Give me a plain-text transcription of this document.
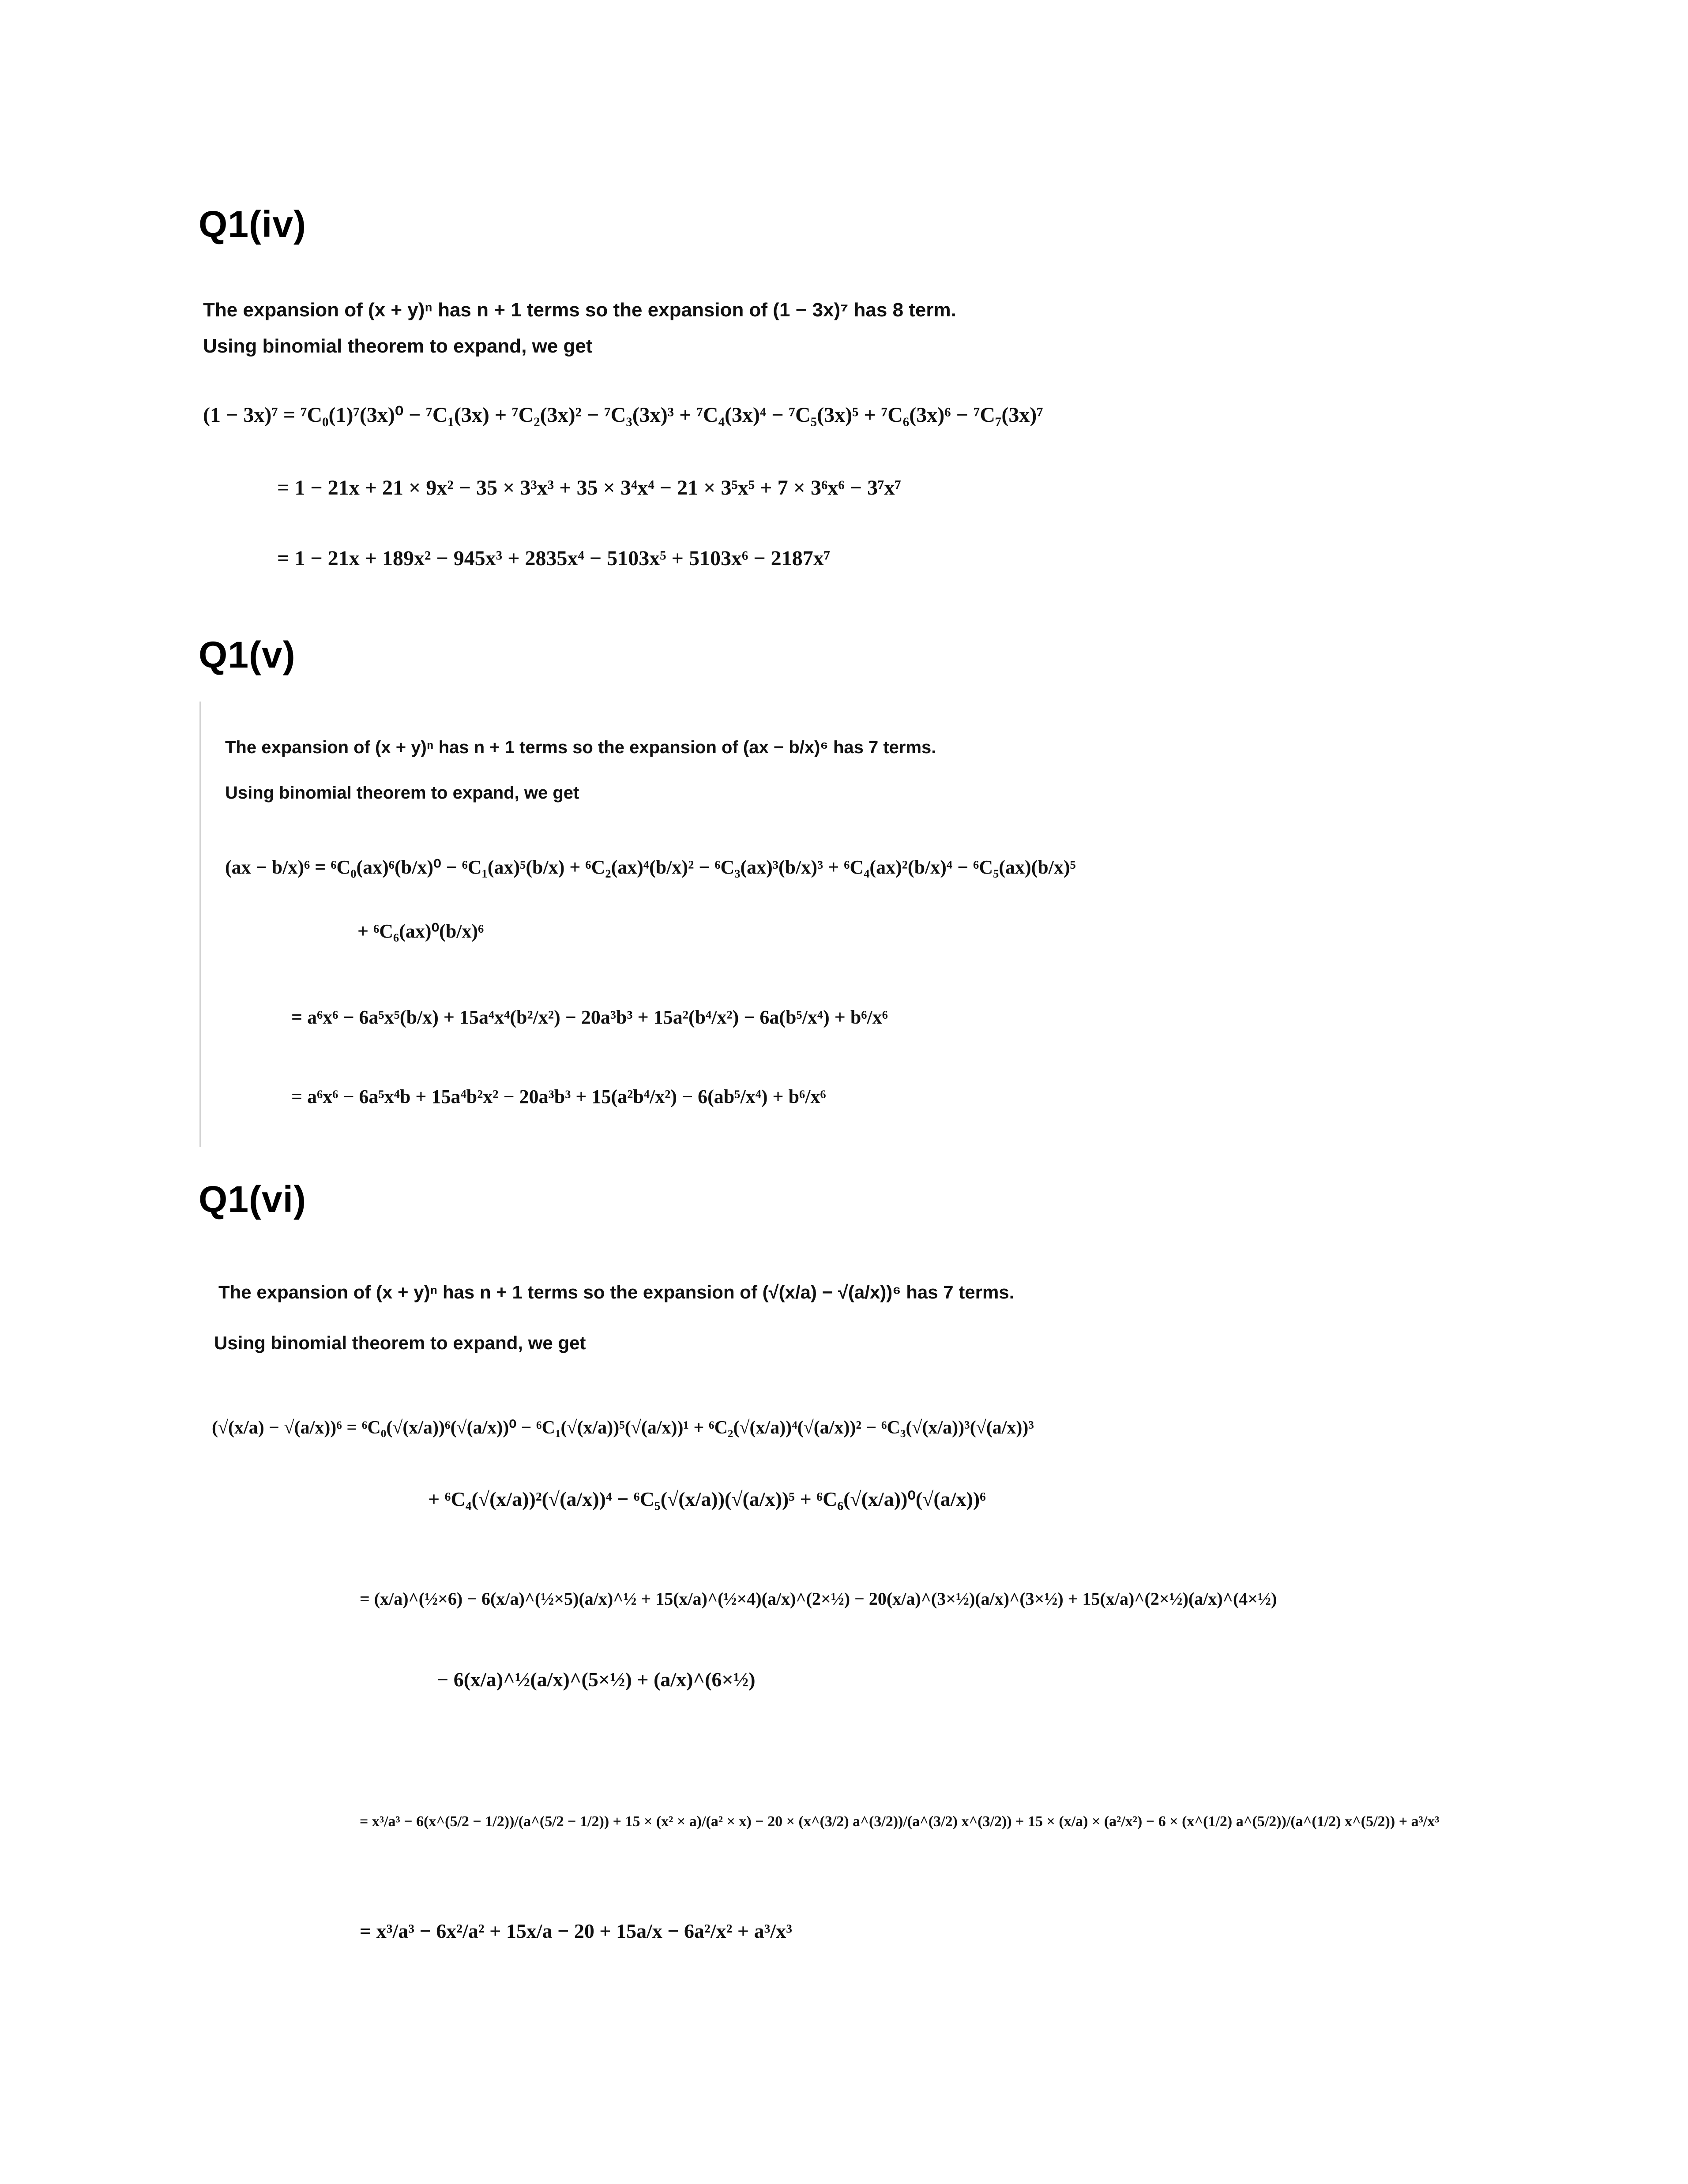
Q1(iv)
The expansion of (x + y)ⁿ has n + 1 terms so the expansion of (1 − 3x)⁷ has 8 term.
Using binomial theorem to expand, we get
(1 − 3x)⁷ = ⁷C₀(1)⁷(3x)⁰ − ⁷C₁(3x) + ⁷C₂(3x)² − ⁷C₃(3x)³ + ⁷C₄(3x)⁴ − ⁷C₅(3x)⁵ + ⁷C₆(3x)⁶ − ⁷C₇(3x)⁷
= 1 − 21x + 21 × 9x² − 35 × 3³x³ + 35 × 3⁴x⁴ − 21 × 3⁵x⁵ + 7 × 3⁶x⁶ − 3⁷x⁷
= 1 − 21x + 189x² − 945x³ + 2835x⁴ − 5103x⁵ + 5103x⁶ − 2187x⁷
Q1(v)
The expansion of (x + y)ⁿ has n + 1 terms so the expansion of (ax − b/x)⁶ has 7 terms.
Using binomial theorem to expand, we get
(ax − b/x)⁶ = ⁶C₀(ax)⁶(b/x)⁰ − ⁶C₁(ax)⁵(b/x) + ⁶C₂(ax)⁴(b/x)² − ⁶C₃(ax)³(b/x)³ + ⁶C₄(ax)²(b/x)⁴ − ⁶C₅(ax)(b/x)⁵
+ ⁶C₆(ax)⁰(b/x)⁶
= a⁶x⁶ − 6a⁵x⁵(b/x) + 15a⁴x⁴(b²/x²) − 20a³b³ + 15a²(b⁴/x²) − 6a(b⁵/x⁴) + b⁶/x⁶
= a⁶x⁶ − 6a⁵x⁴b + 15a⁴b²x² − 20a³b³ + 15(a²b⁴/x²) − 6(ab⁵/x⁴) + b⁶/x⁶
Q1(vi)
The expansion of (x + y)ⁿ has n + 1 terms so the expansion of (√(x/a) − √(a/x))⁶ has 7 terms.
Using binomial theorem to expand, we get
(√(x/a) − √(a/x))⁶ = ⁶C₀(√(x/a))⁶(√(a/x))⁰ − ⁶C₁(√(x/a))⁵(√(a/x))¹ + ⁶C₂(√(x/a))⁴(√(a/x))² − ⁶C₃(√(x/a))³(√(a/x))³
+ ⁶C₄(√(x/a))²(√(a/x))⁴ − ⁶C₅(√(x/a))(√(a/x))⁵ + ⁶C₆(√(x/a))⁰(√(a/x))⁶
= (x/a)^(½×6) − 6(x/a)^(½×5)(a/x)^½ + 15(x/a)^(½×4)(a/x)^(2×½) − 20(x/a)^(3×½)(a/x)^(3×½) + 15(x/a)^(2×½)(a/x)^(4×½)
− 6(x/a)^½(a/x)^(5×½) + (a/x)^(6×½)
= x³/a³ − 6(x^(5/2 − 1/2))/(a^(5/2 − 1/2)) + 15 × (x² × a)/(a² × x) − 20 × (x^(3/2) a^(3/2))/(a^(3/2) x^(3/2)) + 15 × (x/a) × (a²/x²) − 6 × (x^(1/2) a^(5/2))/(a^(1/2) x^(5/2)) + a³/x³
= x³/a³ − 6x²/a² + 15x/a − 20 + 15a/x − 6a²/x² + a³/x³
